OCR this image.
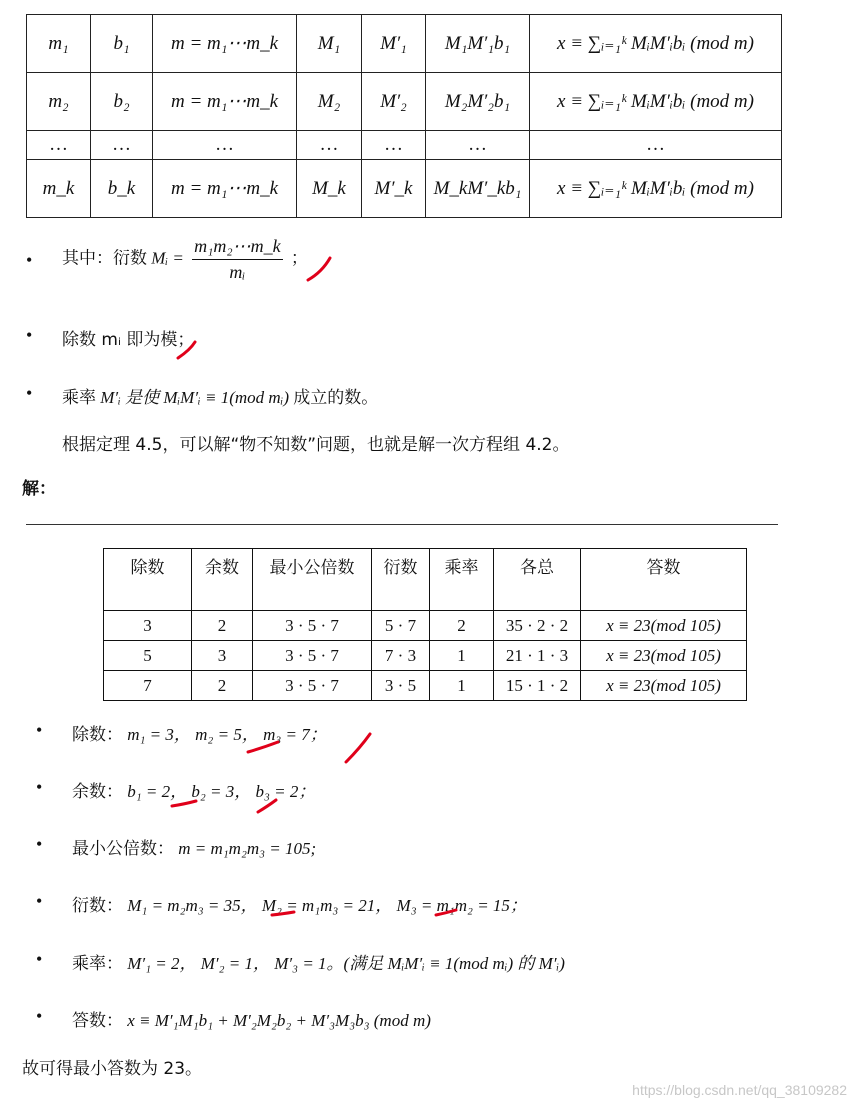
m₁	b₁	m = m₁⋯m_k	M₁	M′₁	M₁M′₁b₁	x ≡ ∑ᵢ₌₁ᵏ MᵢM′ᵢbᵢ (mod m)
m₂	b₂	m = m₁⋯m_k	M₂	M′₂	M₂M′₂b₁	x ≡ ∑ᵢ₌₁ᵏ MᵢM′ᵢbᵢ (mod m)
…	…	…	…	…	…	…
m_k	b_k	m = m₁⋯m_k	M_k	M′_k	M_kM′_kb₁	x ≡ ∑ᵢ₌₁ᵏ MᵢM′ᵢbᵢ (mod m)
• 其中：衍数 Mᵢ = $\frac{\text{m₁m₂⋯m\_k}}{\text{mᵢ}}$ ；
• 除数 mᵢ 即为模；
• 乘率 M′ᵢ 是使 MᵢM′ᵢ ≡ 1(mod mᵢ) 成立的数。
根据定理 4.5，可以解“物不知数”问题，也就是解一次方程组 4.2。
解：
除数	余数	最小公倍数	衍数	乘率	各总	答数
3	2	3 · 5 · 7	5 · 7	2	35 · 2 · 2	x ≡ 23(mod 105)
5	3	3 · 5 · 7	7 · 3	1	21 · 1 · 3	x ≡ 23(mod 105)
7	2	3 · 5 · 7	3 · 5	1	15 · 1 · 2	x ≡ 23(mod 105)
• 除数： m₁ = 3， m₂ = 5， m₃ = 7；
• 余数： b₁ = 2， b₂ = 3， b₃ = 2；
• 最小公倍数： m = m₁m₂m₃ = 105;
• 衍数： M₁ = m₂m₃ = 35， M₂ = m₁m₃ = 21， M₃ = m₁m₂ = 15；
• 乘率： M′₁ = 2， M′₂ = 1， M′₃ = 1。(满足 MᵢM′ᵢ ≡ 1(mod mᵢ) 的 M′ᵢ)
• 答数： x ≡ M′₁M₁b₁ + M′₂M₂b₂ + M′₃M₃b₃ (mod m)
故可得最小答数为 23。
https://blog.csdn.net/qq_38109282
